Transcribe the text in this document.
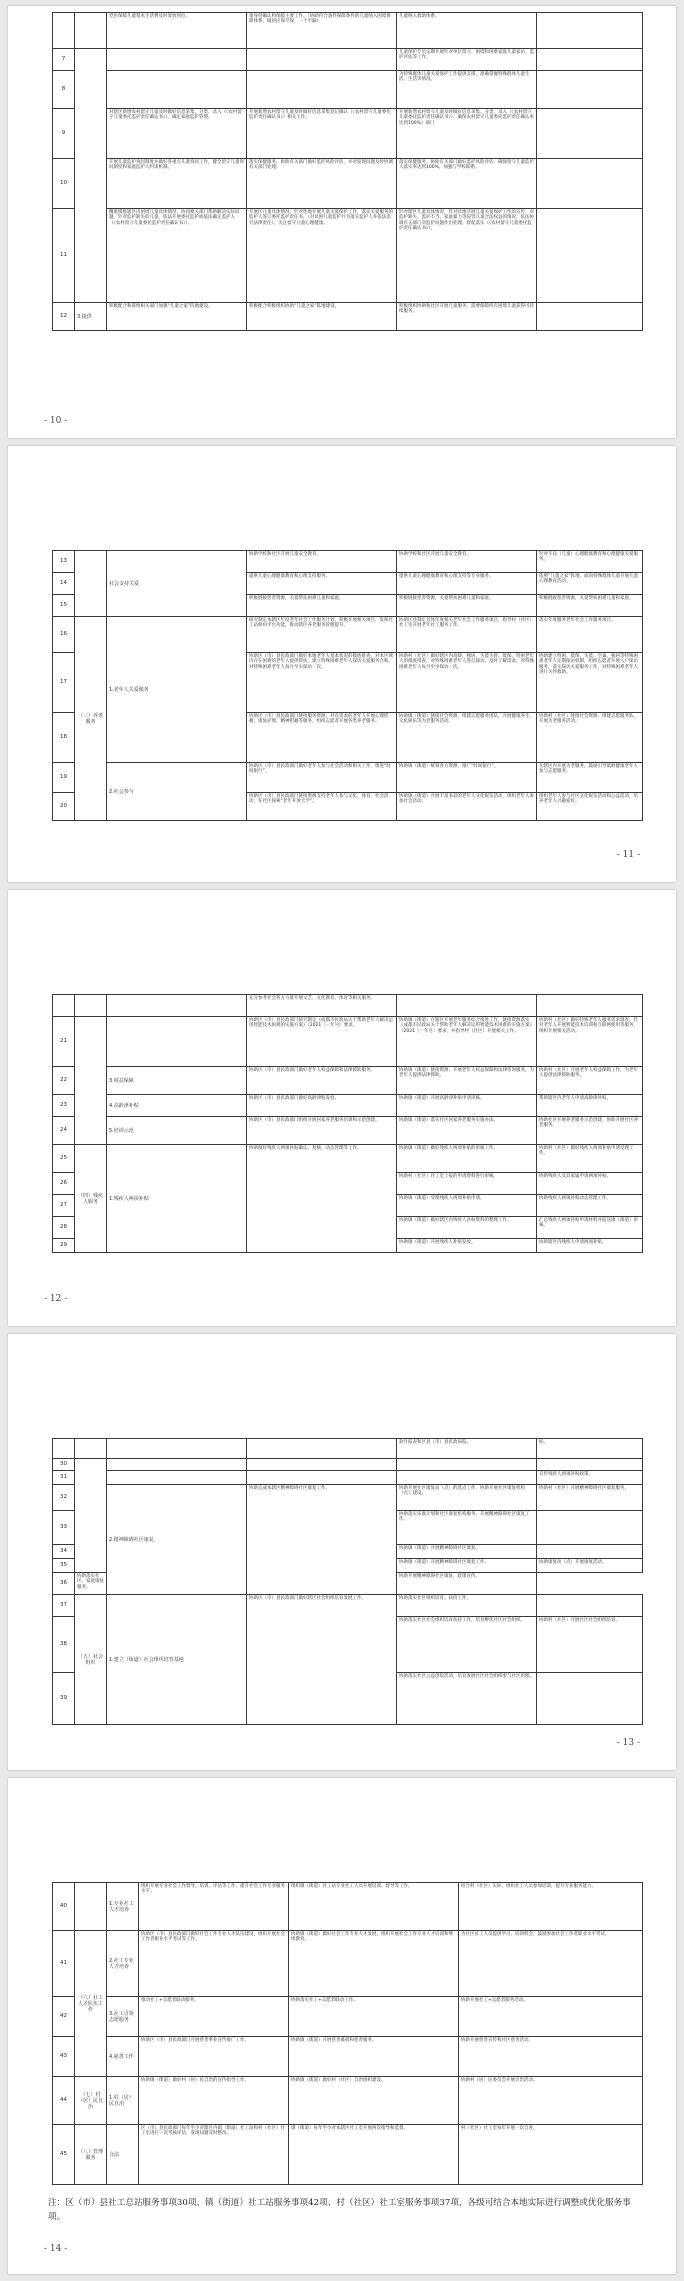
		党医保障儿童基本生活费及时发放到位。	童身份确认和保障主要工作。（协助符合条件保障条件的儿童纳入困境保障体系，做到应保尽保，一个不漏）	儿童纳入救助体系。	
7				儿童保护专员定期开展针对单位留守、困境和困难家庭儿童家访，监护评估等工作。	
8				为特殊群体儿童关爱保护工作提供支撑，准确掌握特殊群体儿童生活、生活等情况。	
9		对辖区新增农村留守儿童及时做好信息采集、分类、录入（《农村留守儿童委托监护责任确认书》）、确定家庭监护管理。	开展新增农村留守儿童及时做好信息采集登记确认（《农村留守儿童委托监护责任确认书》）相关工作。	开展新增农村留守儿童及时做好信息采集、分类、录入（《农村留守儿童委托监护责任确认书》）、确保农村留守儿童委托监护责任确认率达到100%）部门	
10		开展儿童监护询问制度并做好各重点儿童询问工作，健全留守儿童询问制度和家庭监护人约谈机制。	落实保健服务，协助有关部门做好监护风险评估，并对发现问题及时协调有关部门处理。	落实保健服务，协助有关部门做好监护风险评估，确保留守儿童监护人落实率达到100%，加强与学校联系。	
11		精准摸排辖区内困境儿童具体情况，协同相关部门帮助解决实际问题，针对监护缺失的儿童，依法开展委托监护或依法确定监护人（《农村留守儿童委托监护责任确认书》）。	开展区儿童具体情况，针对性地开展儿童关爱保护工作，落实关爱服务的监护人签订委托监护责任书，（对贫困儿童监护行为落实监护人并依法追究法律责任），关注留守儿童心理健康。	针对辖区儿童具体情况，针对社地开展儿童关爱保护工作的宣传、对监护缺失、监护不当、家庭暴力等侵害儿童合法权益的情况，依法协调有关部门对监护问题作出处理，督促落实（《农村留守儿童委托监护责任确认书》）。	
12	3.提供	积极配合和联络相关部门加强“儿童之家”阵地建设。	积极配合积极组织协助“儿童之家”阵地建设。	积极组织协助和社区开展儿童服务，需要保障所有困境儿童获得可持续服务。	
- 10 -
13		社会支持关爱	协助学校和社区开展儿童安全教育。	协助学校和社区开展儿童安全教育。	针对不良（儿童）心理健康教育和心理健康关爱服务。
14			提供儿童心理健康教育和心理支持服务。	提供儿童心理健康教育和心理支持等专业服务。	依照“儿童之家”阵地，面向特殊群体儿童开展儿童心理教育活动。
15			积极链接慈善资源，关爱帮扶困难儿童和家庭。	积极链接慈善资源，关爱帮扶困难儿童和家庭。	积极链接慈善资源，关爱帮扶困难儿童和家庭。
16	（三）养老服务	1.老年人关爱服务	研究制定本辖区年度老年社会工作服务计划，积极开展相关项目，发挥社工站枢纽平台功能，推动辖区养老服务管理提升。	协助区县制定具体年度相关老年社会工作服务项目，指导村（社区）社工室开展老年社工服务工作。	落实年度服务老年社会工作服务项目。
17			协助区（市）县民政部门做好本地老年人基本状况的摸底排查，对本区域内存在困难的老年人提供帮扶，建立特殊困难老年人探访关爱服务台账，对特殊困难老年人每月至少探访一次。	协助村（社区）做好辖区内高龄、独居、失能失智、低保、特困老年人的摸底排查，对特殊困难老年人进行探访，及时了解需求，对特殊困难老年人每月至少探访一次。	协助建立特困、低保、失能、空巢、独居等特殊困难老年人定期探访机制，组织志愿者开展入户探访服务，落实探访关爱服务工作，对特殊困难老年人进行关怀救助。
18			协助区（市）县民政部门链接服务资源，对有需求的老年人开展心理慰藉、康复护理、精神慰藉等服务，组织志愿者开展各类养老服务。	协助镇（街道）链接社会资源，组建志愿服务团队，开展健康养生、文化娱乐等为老服务活动。	协助村（社区）链接社会资源，组建志愿服务队，开展为老服务活动。
19		2.社会参与	协助区（市）县民政部门做好老年人参与社会活动和相关工作，推进“时间银行”。	协助镇（街道）统筹各方资源，推广“时间银行”。	在辖区内开展为老服务，鼓励引导低龄健康老年人参与志愿服务。
20			协助区（市）县民政部门链接资源支持老年人参与文化、体育、社会活动，在社区探索“老年开放大学”。	协助镇（街道）开展丰富多彩的老年人文化娱乐活动，组织老年人参加社会活动。	组织老年人参与社区文化娱乐活动和公益活动，培养老年人兴趣爱好。
- 11 -
			充分参考社会各方力量开展文艺、文化教育、体育等相关服务。		
21			协助区（市）县民政部门研究制定《成都市民政局关于帮助老年人解决运用智能技术困难的实施方案》（2021〔一年号〕要求。	协助镇（街道）在辖区开展老年服务综合推进工作，链接资源落实《成都市民政局关于帮助老年人解决运用智能技术困难的实施方案》（2021〔一年号〕要求，并指导村（社区）开展相关工作。	协助村（社区）做好特殊老年人服务需求调查，针对老年人开展智能技术培训和互联网使用等服务，组织开展相关活动。
22		3.权益保障	协助区（市）县民政部门做好老年人权益保障和法律援助服务。	协助镇（街道）链接资源，开展老年人权益保障和法律咨询服务，为老年人提供法律援助。	协助村（社区）开展老年人权益保障工作，为老年人提供法律援助服务。
23		4.高龄津补贴	协助区（市）县民政部门做好高龄津贴发放。	协助镇（街道）开展高龄津补贴申请审核。	帮助辖区内老年人申请高龄津补贴。
24		5.培训示范	协助区（市）县民政部门组织开展居家养老服务培训和示范创建。	协助镇（街道）落实社区居家养老服务实施办法。	协助社区开展养老服务示范创建，协助开展社区养老服务。
25	（四）残疾人服务	1.残疾人两项补贴	协助做好残疾人两项补贴确认、复核、动态管理等工作。	协助镇（街道）做好残疾人两项补贴的审核工作。	协助村（社区）做好残疾人两项补贴申请受理工作。
26				协助村（社区）社工室上报的申请资料进行审核。	协助残疾人及其家属申请两项补贴。
27				协助镇（街道）受理残疾人两项补贴申请。	协助残疾人两项补贴动态管理工作。
28				协助镇（街道）做好辖区内残疾人补贴资料的整理工作。	汇总残疾人两项补贴申请材料并报送镇（街道）审核。
29				协助镇（街道）开展残疾人补贴发放。	协助辖区内残疾人申请两项补贴。
- 12 -
				款月报表和区县（市）县民政局报。	标。
30					
31					宣传残疾人两项补贴政策。
32		2.精神障碍社区康复	协助完成本辖区精神障碍社区康复工作。	协助开展社区康复站（点）的选点工作，协助开展社区康复机构（点）建设。	协助村（社区）开展精神障碍社区康复服务。
33				协助落实乐康计划和社区康复机构服务、开展精神障碍社区康复工作。	
34				协助镇（街道）开展精神障碍社区康复。	
35				协助镇（街道）开展精神障碍社区康复工作。	协助康复动（点）开展康复活动。
36	协助落实社区、家庭康复服务。			协助开展精神障碍社区康复、政策宣传。	
37	（五）社会组织	1.建立（街道）社会组织培育基地	协助区（市）县民政部门做好辖区社会组织培育发展工作。	协助落实社区组织培育、扶持工作。	
38				协助落实社区社会组织培育扶持工作，培育孵化社区社会组织。	协助村（社区）开展社区社会组织培育。
39				协助落实社区公益创投活动，培育发展社区社会组织参与社区治理。	
- 13 -
40		1.专业社工人才培养	组织开展专业社会工作督导、培训、评估等工作，提升社会工作专业服务水平。	组织镇（街道）社工站专业社工人员开展培训、督导等工作。	结合村（社区）实际，组织社工人员参加培训，提升专业服务能力。
41	（六）社工人才队伍工作	2.社工专业人才培养	协助区（市）县民政部门做好社会工作专业人才队伍建设，组织开展社会工作者职业水平考试等工作。	协助镇（街道）做好社会工作专业人才发展，组织开展社会工作专业人才培训和继续教育。	为社区社工人员提供学习、培训机会，鼓励参加社会工作者职业水平考试。
42		3.社工引领志愿服务	推动社工+志愿者联动服务。	协助落实社工+志愿者联动工作。	协助开展社工+志愿者服务活动。
43		4.慈善工作	协助区（市）县民政部门开展慈善事业宣传推广工作。	协助镇（街道）开展慈善募捐和慈善服务。	协助开展慈善宣传和社区慈善活动。
44	（七）村（居）民自治	1.村（居）民自治	协助镇（街道）做好村（居）民自治的宣传指导工作。	协助镇（街道）做好村（社区）自治组织建设。	协助村（居）民委员会开展自治活动。
45	（八）管理服务	合法	区（市）县民政部门每年至少对辖区内镇（街道）社工站和村（社区）社工室进行一次考核评估，发现问题及时整改。	镇（街道）每年至少对本辖区社工室开展两次指导和监督。	村（社区）社工室每年开展一次自查。
注：区（市）县社工总站服务事项30项、镇（街道）社工站服务事项42项、村（社区）社工室服务事项37项，各级可结合本地实际进行调整或优化服务事项。
- 14 -
